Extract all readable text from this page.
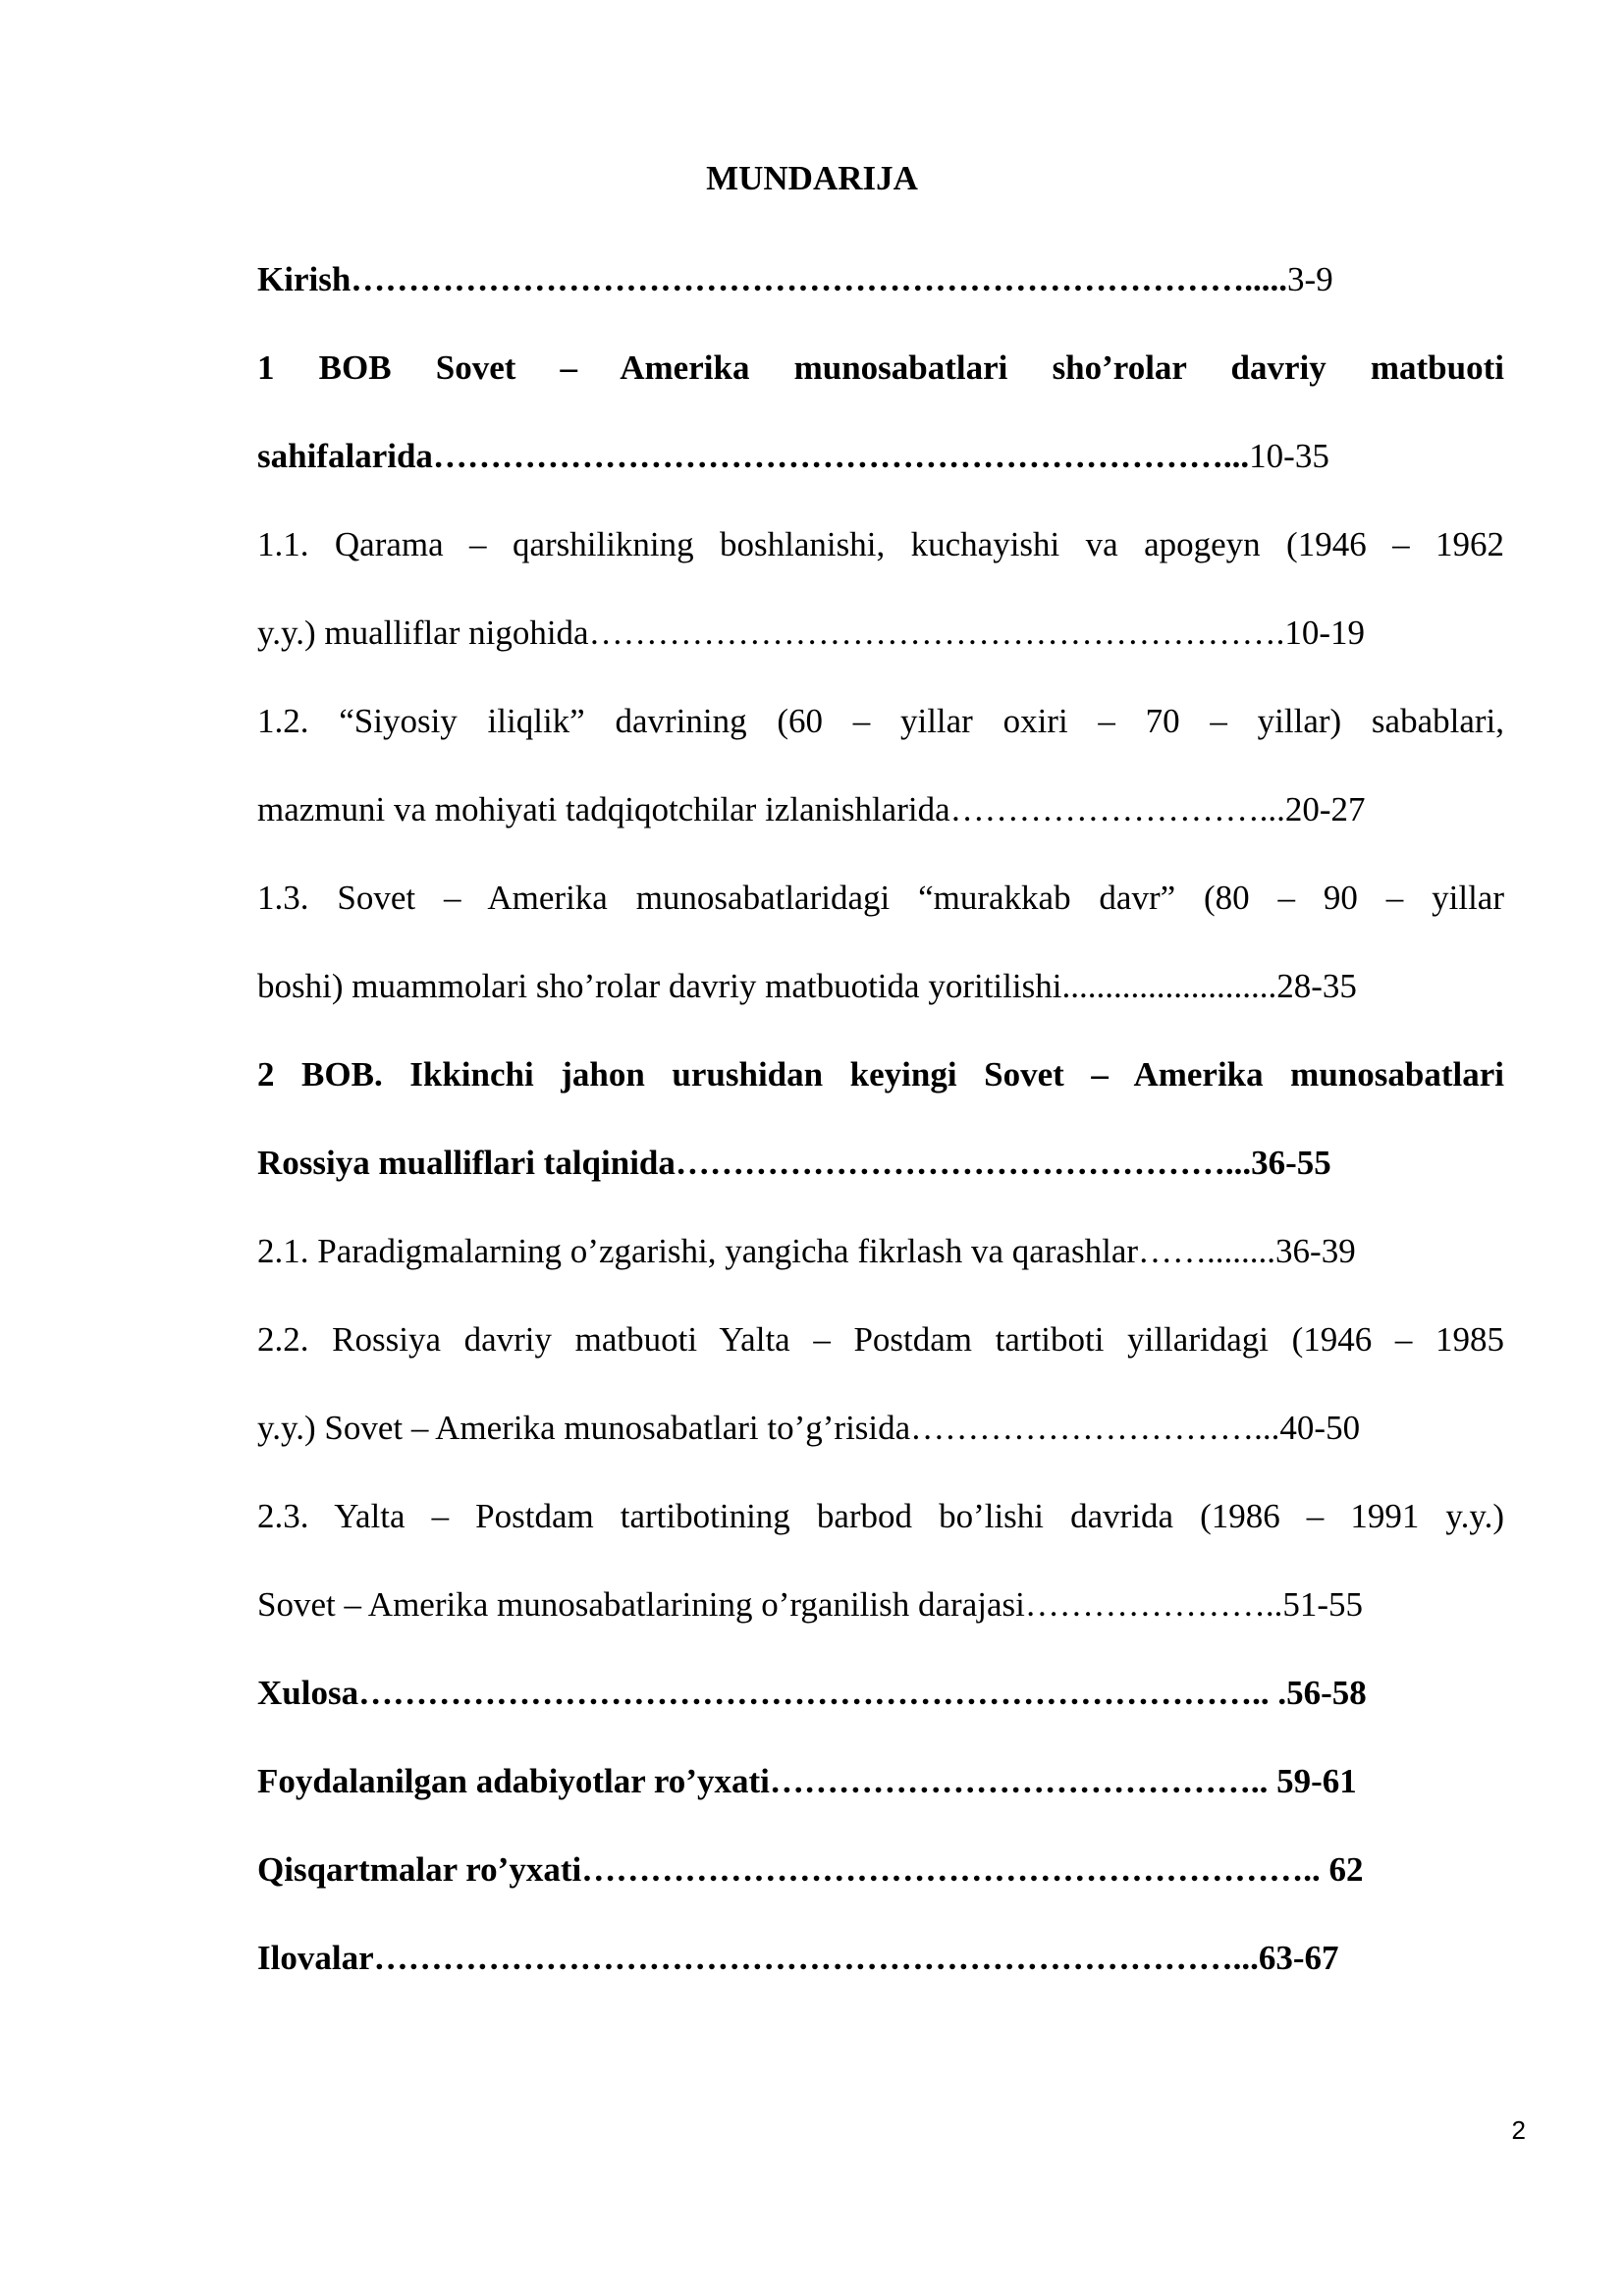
MUNDARIJA
Kirish…………………………………………………………………….....3-9
1 BOB Sovet – Amerika munosabatlari sho’rolar davriy matbuoti
sahifalarida……………………………………………………………...10-35
1.1. Qarama – qarshilikning boshlanishi, kuchayishi va apogeyn (1946 – 1962
y.y.) mualliflar nigohida…………………………………………………….10-19
1.2. “Siyosiy iliqlik” davrining (60 – yillar oxiri – 70 – yillar) sabablari,
mazmuni va mohiyati tadqiqotchilar izlanishlarida………………………...20-27
1.3. Sovet – Amerika munosabatlaridagi “murakkab davr” (80 – 90 – yillar
boshi) muammolari sho’rolar davriy matbuotida yoritilishi.........................28-35
2 BOB. Ikkinchi jahon urushidan keyingi Sovet – Amerika munosabatlari
Rossiya mualliflari talqinida…………………………………………...36-55
2.1. Paradigmalarning o’zgarishi, yangicha fikrlash va qarashlar……........36-39
2.2. Rossiya davriy matbuoti Yalta – Postdam tartiboti yillaridagi (1946 – 1985
y.y.) Sovet – Amerika munosabatlari to’g’risida…………………………...40-50
2.3. Yalta – Postdam tartibotining barbod bo’lishi davrida (1986 – 1991 y.y.)
Sovet – Amerika munosabatlarining o’rganilish darajasi…………………..51-55
Xulosa…………………………………………………………………….. .56-58
Foydalanilgan adabiyotlar ro’yxati…………………………………….. 59-61
Qisqartmalar ro’yxati……………………………………………………….. 62
Ilovalar…………………………………………………………………...63-67
2
